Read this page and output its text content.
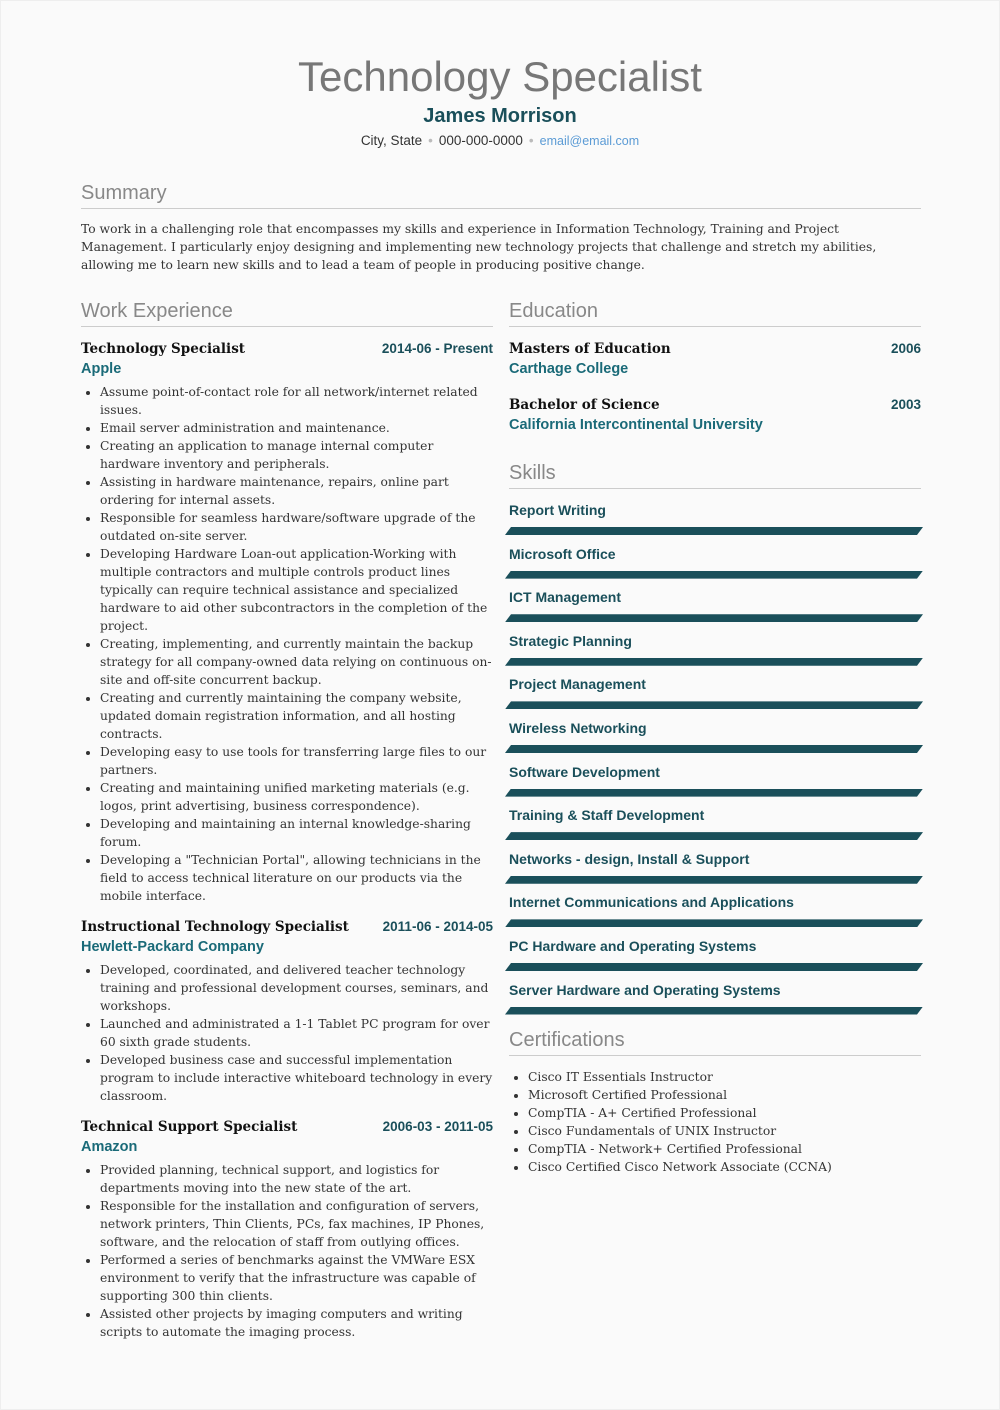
Technology Specialist
James Morrison
City, State • 000-000-0000 • email@email.com
Summary

To work in a challenging role that encompasses my skills and experience in Information Technology, Training and Project Management. I particularly enjoy designing and implementing new technology projects that challenge and stretch my abilities, allowing me to learn new skills and to lead a team of people in producing positive change.

Work Experience
Technology Specialist	2014-06 - Present
Apple
• Assume point-of-contact role for all network/internet related issues.
• Email server administration and maintenance.
• Creating an application to manage internal computer hardware inventory and peripherals.
• Assisting in hardware maintenance, repairs, online part ordering for internal assets.
• Responsible for seamless hardware/software upgrade of the outdated on-site server.
• Developing Hardware Loan-out application-Working with multiple contractors and multiple controls product lines typically can require technical assistance and specialized hardware to aid other subcontractors in the completion of the project.
• Creating, implementing, and currently maintain the backup strategy for all company-owned data relying on continuous on-site and off-site concurrent backup.
• Creating and currently maintaining the company website, updated domain registration information, and all hosting contracts.
• Developing easy to use tools for transferring large files to our partners.
• Creating and maintaining unified marketing materials (e.g. logos, print advertising, business correspondence).
• Developing and maintaining an internal knowledge-sharing forum.
• Developing a "Technician Portal", allowing technicians in the field to access technical literature on our products via the mobile interface.
Instructional Technology Specialist	2011-06 - 2014-05
Hewlett-Packard Company
• Developed, coordinated, and delivered teacher technology training and professional development courses, seminars, and workshops.
• Launched and administrated a 1-1 Tablet PC program for over 60 sixth grade students.
• Developed business case and successful implementation program to include interactive whiteboard technology in every classroom.
Technical Support Specialist	2006-03 - 2011-05
Amazon
• Provided planning, technical support, and logistics for departments moving into the new state of the art.
• Responsible for the installation and configuration of servers, network printers, Thin Clients, PCs, fax machines, IP Phones, software, and the relocation of staff from outlying offices.
• Performed a series of benchmarks against the VMWare ESX environment to verify that the infrastructure was capable of supporting 300 thin clients.
• Assisted other projects by imaging computers and writing scripts to automate the imaging process.
Education
Masters of Education	2006
Carthage College
Bachelor of Science	2003
California Intercontinental University
Skills
Report Writing
Microsoft Office
ICT Management
Strategic Planning
Project Management
Wireless Networking
Software Development
Training & Staff Development
Networks - design, Install & Support
Internet Communications and Applications
PC Hardware and Operating Systems
Server Hardware and Operating Systems
Certifications
• Cisco IT Essentials Instructor
• Microsoft Certified Professional
• CompTIA - A+ Certified Professional
• Cisco Fundamentals of UNIX Instructor
• CompTIA - Network+ Certified Professional
• Cisco Certified Cisco Network Associate (CCNA)
